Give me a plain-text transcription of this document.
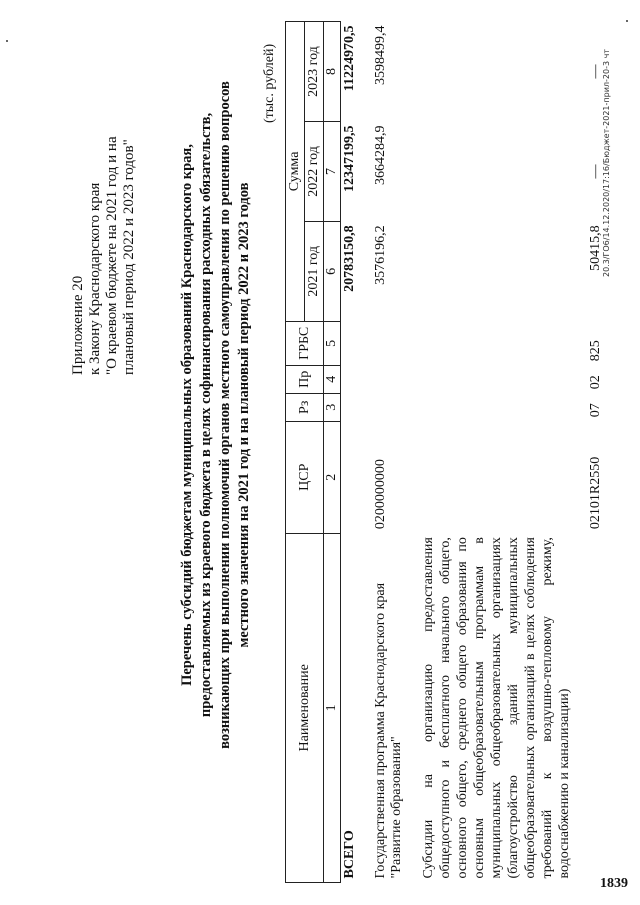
Приложение 20 к Закону Краснодарского края "О краевом бюджете на 2021 год и на плановый период 2022 и 2023 годов"	Перечень субсидий бюджетам муниципальных образований Краснодарского края, предоставляемых из краевого бюджета в целях софинансирования расходных обязательств, возникающих при выполнении полномочий органов местного самоуправления по решению вопросов местного значения на 2021 год и на плановый период 2022 и 2023 годов
(тыс. рублей)
Наименование	ЦСР	Рз	Пр	ГРБС	Сумма		
					2021 год	2022 год	2023 год
1	2	3	4	5	6	7	8
ВСЕГО					20783150,8	12347199,5	11224970,5
Государственная программа Краснодарского края "Развитие образования"	0200000000				3576196,2	3664284,9	3598499,4
Субсидии на организацию предоставления общедоступного и бесплатного начального общего, основного общего, среднего общего образования по основным общеобразовательным программам в муниципальных общеобразовательных организациях (благоустройство зданий муниципальных общеобразовательных организаций в целях соблюдения требований к воздушно-тепловому режиму, водоснабжению и канализации)	02101R2550	07	02	825	50415,8	—	— 20.3/ГО6/14.12.2020/17:16/Бюджет-2021-прил-20-3 чт
1839
